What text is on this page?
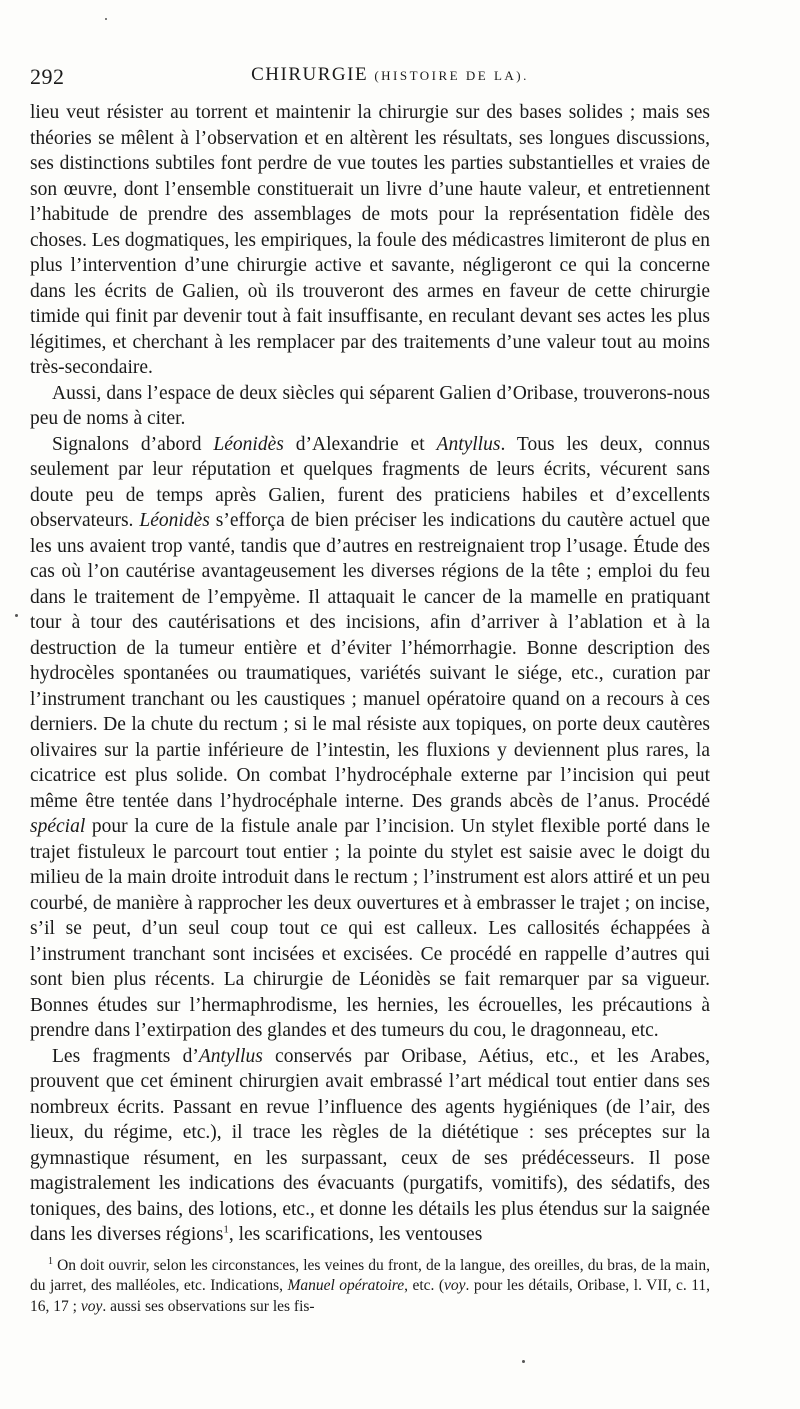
292	CHIRURGIE (HISTOIRE DE LA).

lieu veut résister au torrent et maintenir la chirurgie sur des bases solides ; mais ses théories se mêlent à l’observation et en altèrent les résultats, ses longues discussions, ses distinctions subtiles font perdre de vue toutes les parties substantielles et vraies de son œuvre, dont l’ensemble constituerait un livre d’une haute valeur, et entretiennent l’habitude de prendre des assemblages de mots pour la représentation fidèle des choses. Les dogmatiques, les empiriques, la foule des médicastres limiteront de plus en plus l’intervention d’une chirurgie active et savante, négligeront ce qui la concerne dans les écrits de Galien, où ils trouveront des armes en faveur de cette chirurgie timide qui finit par devenir tout à fait insuffisante, en reculant devant ses actes les plus légitimes, et cherchant à les remplacer par des traitements d’une valeur tout au moins très-secondaire.

Aussi, dans l’espace de deux siècles qui séparent Galien d’Oribase, trouverons-nous peu de noms à citer.

Signalons d’abord Léonidès d’Alexandrie et Antyllus. Tous les deux, connus seulement par leur réputation et quelques fragments de leurs écrits, vécurent sans doute peu de temps après Galien, furent des praticiens habiles et d’excellents observateurs. Léonidès s’efforça de bien préciser les indications du cautère actuel que les uns avaient trop vanté, tandis que d’autres en restreignaient trop l’usage. Étude des cas où l’on cautérise avantageusement les diverses régions de la tête ; emploi du feu dans le traitement de l’empyème. Il attaquait le cancer de la mamelle en pratiquant tour à tour des cautérisations et des incisions, afin d’arriver à l’ablation et à la destruction de la tumeur entière et d’éviter l’hémorrhagie. Bonne description des hydrocèles spontanées ou traumatiques, variétés suivant le siége, etc., curation par l’instrument tranchant ou les caustiques ; manuel opératoire quand on a recours à ces derniers. De la chute du rectum ; si le mal résiste aux topiques, on porte deux cautères olivaires sur la partie inférieure de l’intestin, les fluxions y deviennent plus rares, la cicatrice est plus solide. On combat l’hydrocéphale externe par l’incision qui peut même être tentée dans l’hydrocéphale interne. Des grands abcès de l’anus. Procédé spécial pour la cure de la fistule anale par l’incision. Un stylet flexible porté dans le trajet fistuleux le parcourt tout entier ; la pointe du stylet est saisie avec le doigt du milieu de la main droite introduit dans le rectum ; l’instrument est alors attiré et un peu courbé, de manière à rapprocher les deux ouvertures et à embrasser le trajet ; on incise, s’il se peut, d’un seul coup tout ce qui est calleux. Les callosités échappées à l’instrument tranchant sont incisées et excisées. Ce procédé en rappelle d’autres qui sont bien plus récents. La chirurgie de Léonidès se fait remarquer par sa vigueur. Bonnes études sur l’hermaphrodisme, les hernies, les écrouelles, les précautions à prendre dans l’extirpation des glandes et des tumeurs du cou, le dragonneau, etc.

Les fragments d’Antyllus conservés par Oribase, Aétius, etc., et les Arabes, prouvent que cet éminent chirurgien avait embrassé l’art médical tout entier dans ses nombreux écrits. Passant en revue l’influence des agents hygiéniques (de l’air, des lieux, du régime, etc.), il trace les règles de la diététique : ses préceptes sur la gymnastique résument, en les surpassant, ceux de ses prédécesseurs. Il pose magistralement les indications des évacuants (purgatifs, vomitifs), des sédatifs, des toniques, des bains, des lotions, etc., et donne les détails les plus étendus sur la saignée dans les diverses régions$^1$, les scarifications, les ventouses

$^1$ On doit ouvrir, selon les circonstances, les veines du front, de la langue, des oreilles, du bras, de la main, du jarret, des malléoles, etc. Indications, Manuel opératoire, etc. (voy. pour les détails, Oribase, l. VII, c. 11, 16, 17 ; voy. aussi ses observations sur les fis-
